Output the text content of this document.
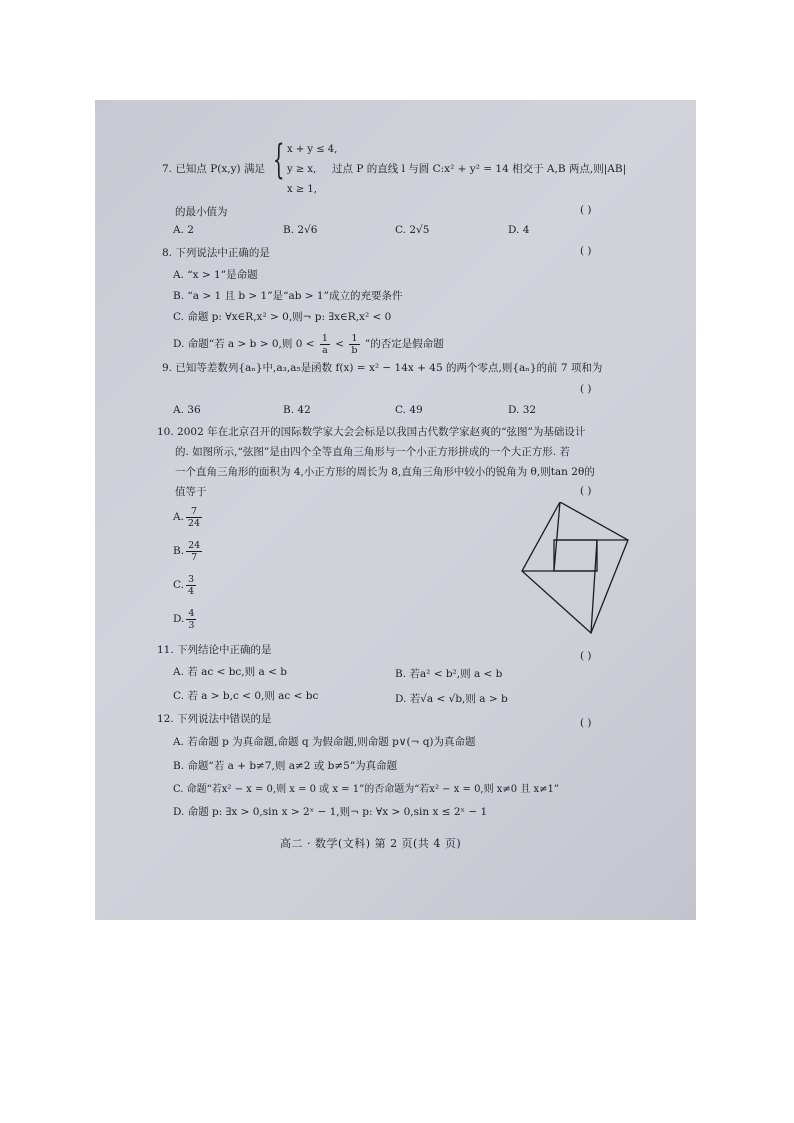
7. 已知点 P(x,y) 满足 { x + y ≤ 4,
y ≥ x,
x ≥ 1,
过点 P 的直线 l 与圆 C:x² + y² = 14 相交于 A,B 两点,则|AB|
的最小值为	( )
A. 2	B. 2√6	C. 2√5	D. 4
8. 下列说法中正确的是	( )
A. “x > 1”是命题
B. “a > 1 且 b > 1”是“ab > 1”成立的充要条件
C. 命题 p: ∀x∈R,x² > 0,则¬ p: ∃x∈R,x² < 0
D. 命题“若 a > b > 0,则 $0 < \frac{1}{a} < \frac{1}{b}$ ”的否定是假命题
9. 已知等差数列{aₙ}中,a₃,a₅是函数 f(x) = x² − 14x + 45 的两个零点,则{aₙ}的前 7 项和为
( )
A. 36	B. 42	C. 49	D. 32
10. 2002 年在北京召开的国际数学家大会会标是以我国古代数学家赵爽的“弦图”为基础设计
的. 如图所示,“弦图”是由四个全等直角三角形与一个小正方形拼成的一个大正方形. 若
一个直角三角形的面积为 4,小正方形的周长为 8,直角三角形中较小的锐角为 θ,则tan 2θ的
值等于	( )
A. $\frac{7}{24}$
B. $\frac{24}{7}$
C. $\frac{3}{4}$
D. $\frac{4}{3}$
11. 下列结论中正确的是	( )
A. 若 ac < bc,则 a < b	B. 若a² < b²,则 a < b
C. 若 a > b,c < 0,则 ac < bc	D. 若√a < √b,则 a > b
12. 下列说法中错误的是	( )
A. 若命题 p 为真命题,命题 q 为假命题,则命题 p∨(¬ q)为真命题
B. 命题“若 a + b≠7,则 a≠2 或 b≠5”为真命题
C. 命题“若x² − x = 0,则 x = 0 或 x = 1”的否命题为“若x² − x = 0,则 x≠0 且 x≠1”
D. 命题 p: ∃x > 0,sin x > 2ˣ − 1,则¬ p: ∀x > 0,sin x ≤ 2ˣ − 1
高二 · 数学(文科) 第 2 页(共 4 页)
